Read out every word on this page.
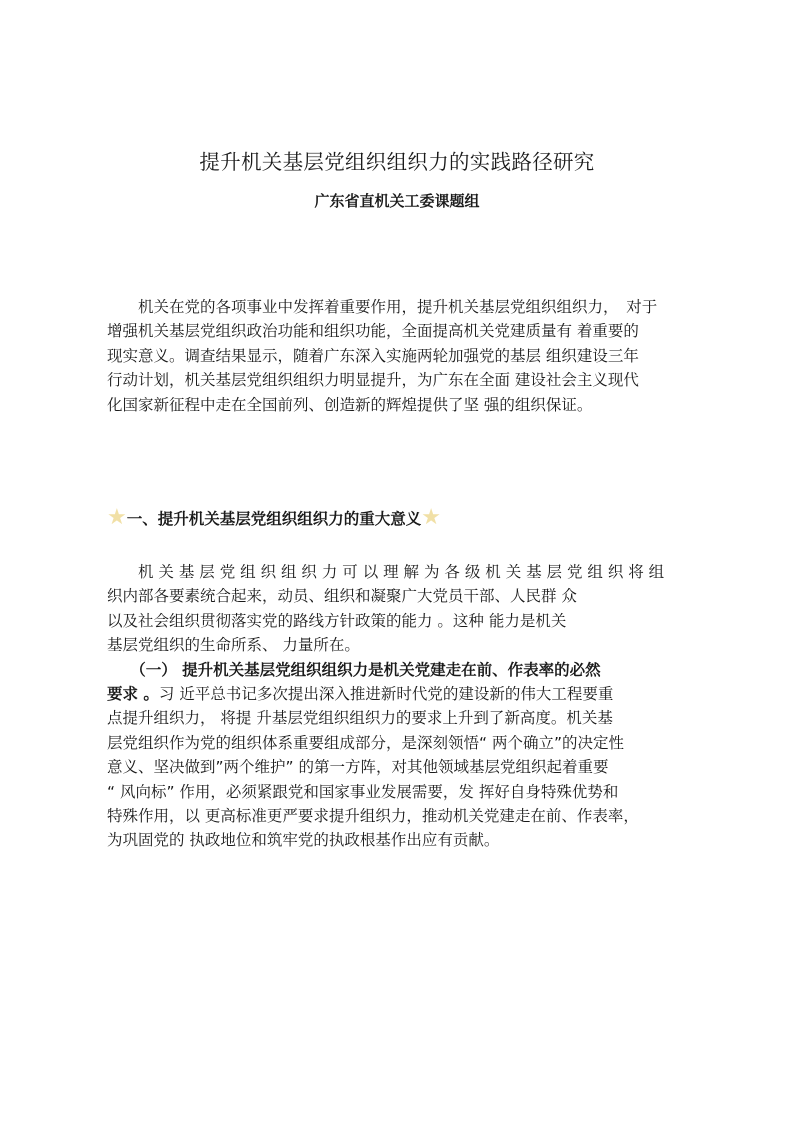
提升机关基层党组织组织力的实践路径研究
广东省直机关工委课题组
　　机关在党的各项事业中发挥着重要作用，提升机关基层党组织组织力，　对于
增强机关基层党组织政治功能和组织功能，全面提高机关党建质量有 着重要的
现实意义。调查结果显示，随着广东深入实施两轮加强党的基层 组织建设三年
行动计划，机关基层党组织组织力明显提升，为广东在全面 建设社会主义现代
化国家新征程中走在全国前列、创造新的辉煌提供了坚 强的组织保证。
★ 一、提升机关基层党组织组织力的重大意义 ★
　　机 关 基 层 党 组 织 组 织 力 可 以 理 解 为 各 级 机 关 基 层 党 组 织 将 组
织内部各要素统合起来，动员、组织和凝聚广大党员干部、人民群 众
以及社会组织贯彻落实党的路线方针政策的能力 。这种 能力是机关
基层党组织的生命所系、 力量所在。
　　（一） 提升机关基层党组织组织力是机关党建走在前、作表率的必然
要求 。习 近平总书记多次提出深入推进新时代党的建设新的伟大工程要重
点提升组织力， 将提 升基层党组织组织力的要求上升到了新高度。机关基
层党组织作为党的组织体系重要组成部分，是深刻领悟“ 两个确立”的决定性
意义、坚决做到”两个维护” 的第一方阵，对其他领域基层党组织起着重要
“ 风向标” 作用，必须紧跟党和国家事业发展需要，发 挥好自身特殊优势和
特殊作用，以 更高标准更严要求提升组织力，推动机关党建走在前、作表率，
为巩固党的 执政地位和筑牢党的执政根基作出应有贡献。
